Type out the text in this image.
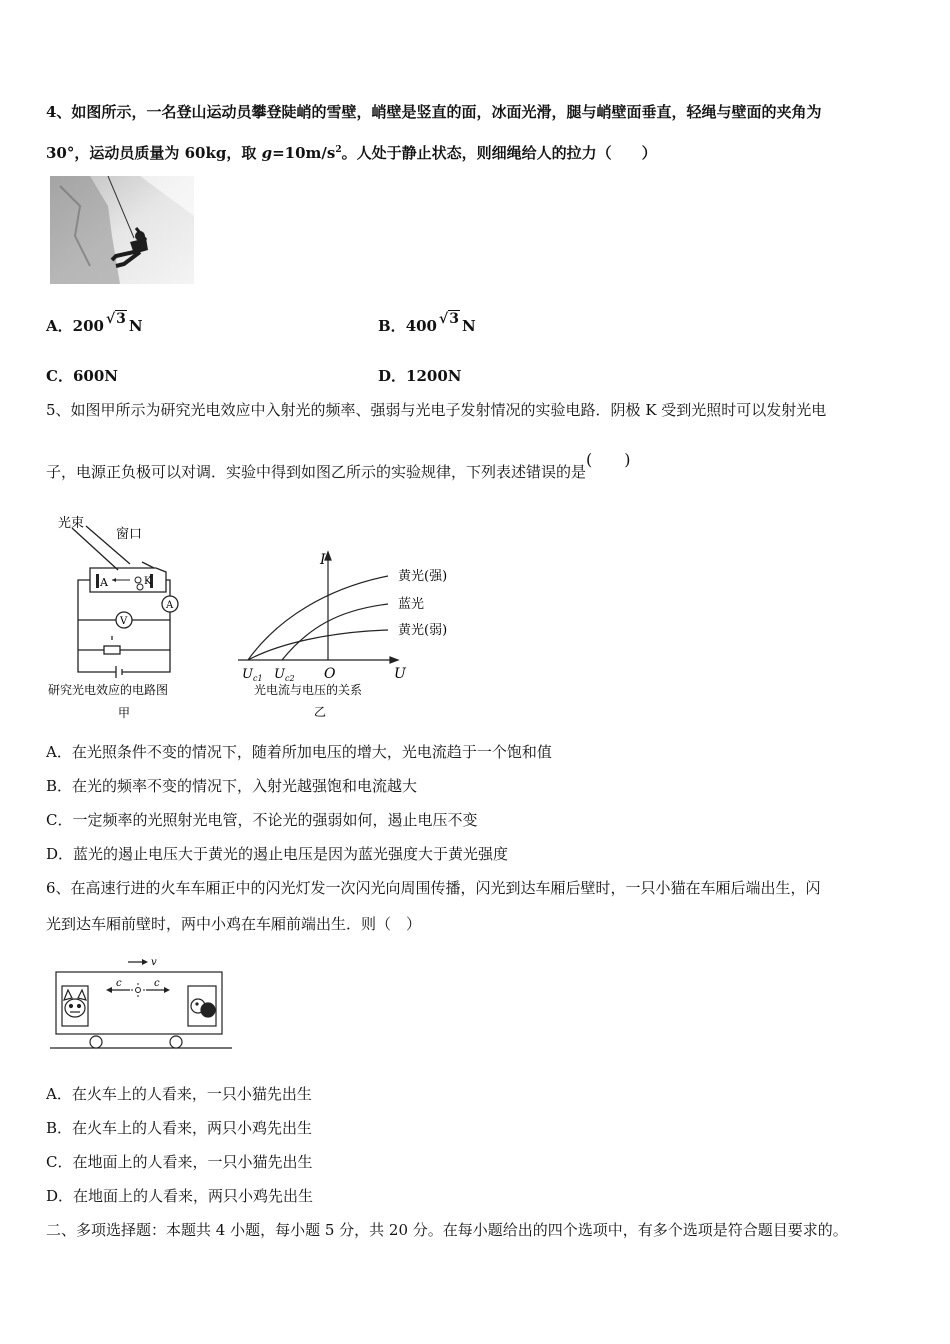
4、如图所示，一名登山运动员攀登陡峭的雪壁，峭壁是竖直的面，冰面光滑，腿与峭壁面垂直，轻绳与壁面的夹角为
30°，运动员质量为 60kg，取 $g=10m/s^2$。人处于静止状态，则细绳给人的拉力（　　）
A．200 √3 N	B．400 √3 N
C．600N	D．1200N
5、如图甲所示为研究光电效应中入射光的频率、强弱与光电子发射情况的实验电路．阴极 K 受到光照时可以发射光电
子，电源正负极可以对调．实验中得到如图乙所示的实验规律，下列表述错误的是(　　)
光束
窗口
A	K
A
V
研究光电效应的电路图
甲
I
U
O
$U_{c1}$ $U_{c2}$
黄光(强)
蓝光
黄光(弱)
光电流与电压的关系
乙
A．在光照条件不变的情况下，随着所加电压的增大，光电流趋于一个饱和值
B．在光的频率不变的情况下，入射光越强饱和电流越大
C．一定频率的光照射光电管，不论光的强弱如何，遏止电压不变
D．蓝光的遏止电压大于黄光的遏止电压是因为蓝光强度大于黄光强度
6、在高速行进的火车车厢正中的闪光灯发一次闪光向周围传播，闪光到达车厢后壁时，一只小猫在车厢后端出生，闪
光到达车厢前壁时，两中小鸡在车厢前端出生．则（　）
v
c	c
A．在火车上的人看来，一只小猫先出生
B．在火车上的人看来，两只小鸡先出生
C．在地面上的人看来，一只小猫先出生
D．在地面上的人看来，两只小鸡先出生
二、多项选择题：本题共 4 小题，每小题 5 分，共 20 分。在每小题给出的四个选项中，有多个选项是符合题目要求的。
